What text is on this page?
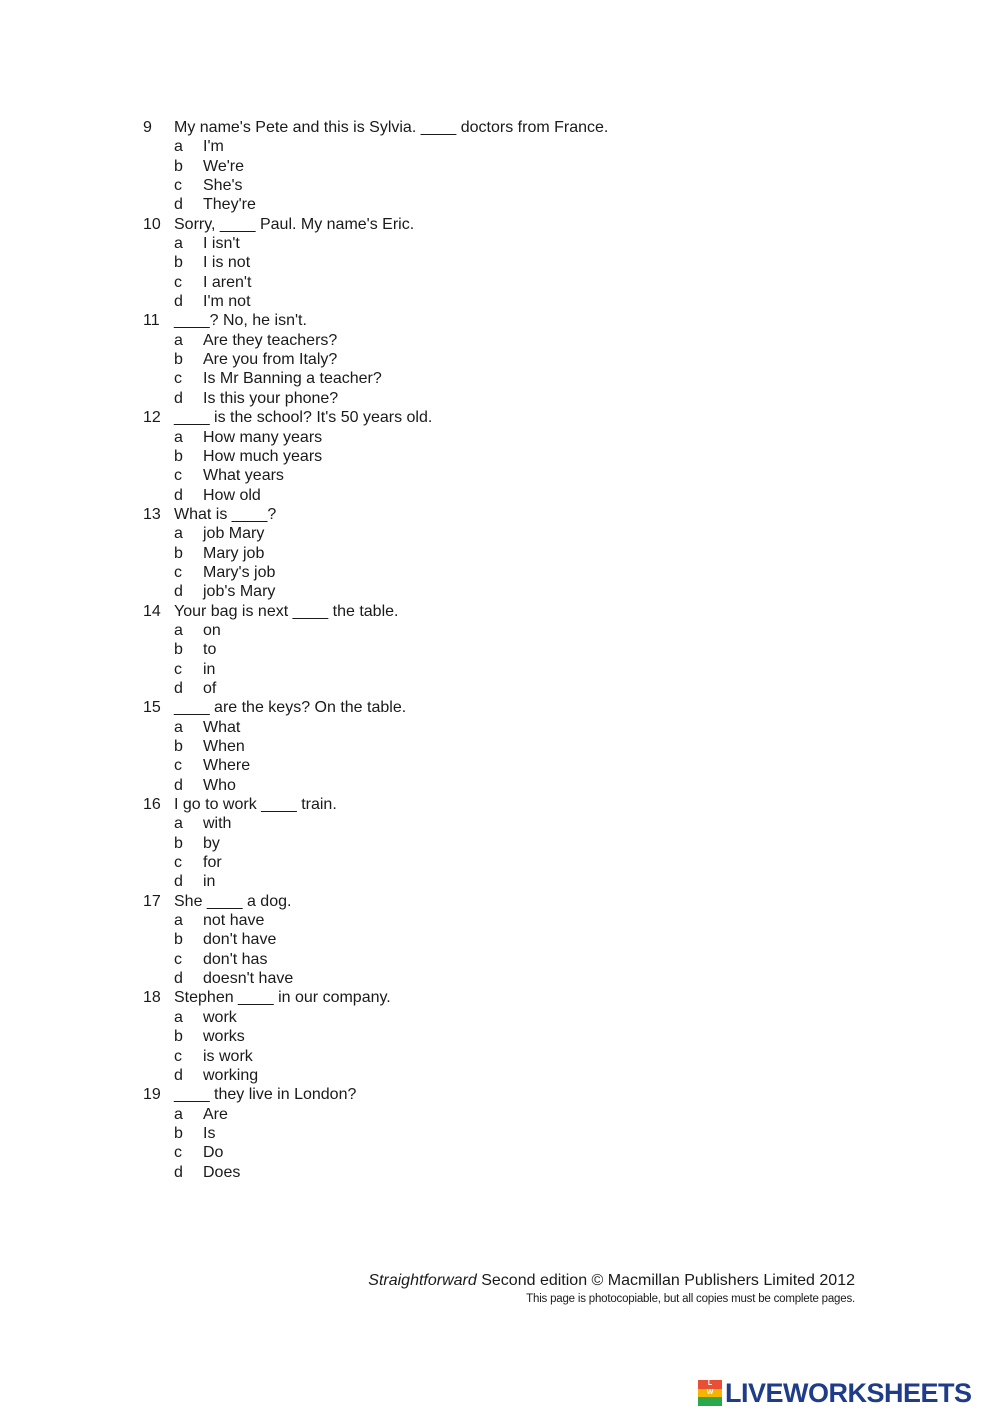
9 My name's Pete and this is Sylvia. ____ doctors from France.
a I'm
b We're
c She's
d They're
10 Sorry, ____ Paul. My name's Eric.
a I isn't
b I is not
c I aren't
d I'm not
11 ____? No, he isn't.
a Are they teachers?
b Are you from Italy?
c Is Mr Banning a teacher?
d Is this your phone?
12 ____ is the school? It's 50 years old.
a How many years
b How much years
c What years
d How old
13 What is ____?
a job Mary
b Mary job
c Mary's job
d job's Mary
14 Your bag is next ____ the table.
a on
b to
c in
d of
15 ____ are the keys? On the table.
a What
b When
c Where
d Who
16 I go to work ____ train.
a with
b by
c for
d in
17 She ____ a dog.
a not have
b don't have
c don't has
d doesn't have
18 Stephen ____ in our company.
a work
b works
c is work
d working
19 ____ they live in London?
a Are
b Is
c Do
d Does
Straightforward Second edition © Macmillan Publishers Limited 2012
This page is photocopiable, but all copies must be complete pages.
L
W LIVEWORKSHEETS
